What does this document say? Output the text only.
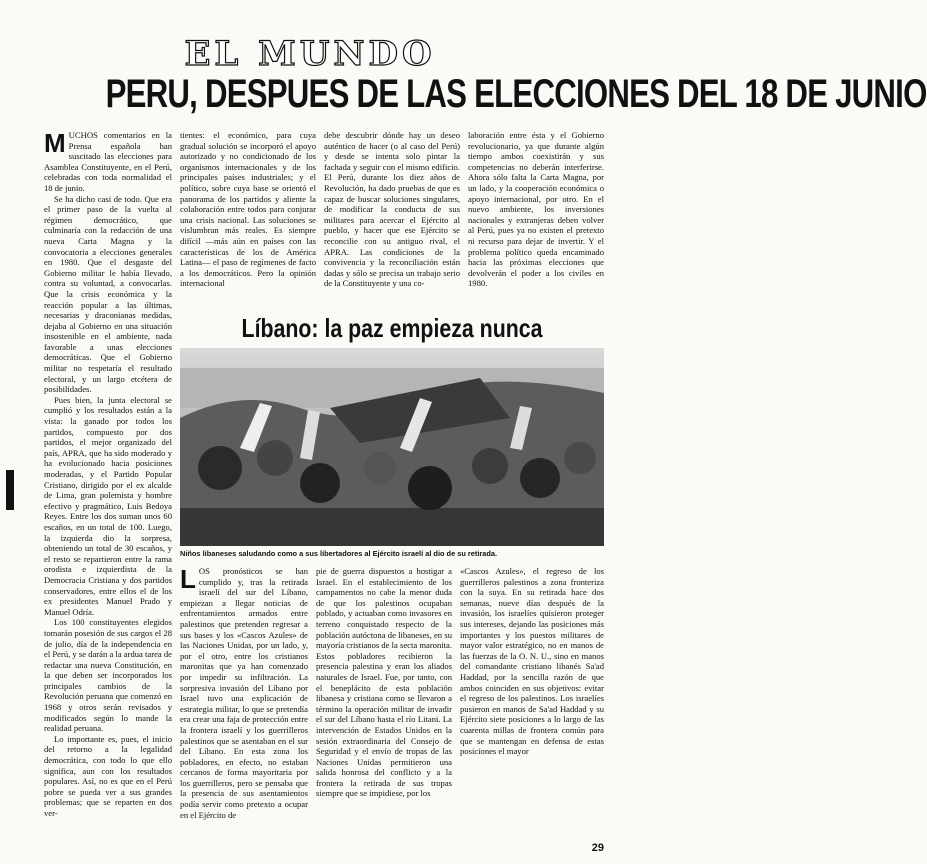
EL MUNDO
PERU, DESPUES DE LAS ELECCIONES DEL 18 DE JUNIO
M UCHOS comentarios en la Prensa española han suscitado las elecciones para Asamblea Constituyente, en el Perú, celebradas con toda normalidad el 18 de junio.

Se ha dicho casi de todo. Que era el primer paso de la vuelta al régimen democrático, que culminaría con la redacción de una nueva Carta Magna y la convocatoria a elecciones generales en 1980. Que el desgaste del Gobierno militar le había llevado, contra su voluntad, a convocarlas. Que la crisis económica y la reacción popular a las últimas, necesarias y draconianas medidas, dejaba al Gobierno en una situación insostenible en el ambiente, nada favorable a unas elecciones democráticas. Que el Gobierno militar no respetaría el resultado electoral, y un largo etcétera de posibilidades.

Pues bien, la junta electoral se cumplió y los resultados están a la vista: la ganado por todos los partidos, compuesto por dos partidos, el mejor organizado del país, APRA, que ha sido moderado y ha evolucionado hacia posiciones moderadas, y el Partido Popular Cristiano, dirigido por el ex alcalde de Lima, gran polemista y hombre efectivo y pragmático, Luis Bedoya Reyes. Entre los dos suman unos 60 escaños, en un total de 100. Luego, la izquierda dio la sorpresa, obteniendo un total de 30 escaños, y el resto se repartieron entre la rama orodista e izquierdista de la Democracia Cristiana y dos partidos conservadores, entre ellos el de los ex presidentes Manuel Prado y Manuel Odría.

Los 100 constituyentes elegidos tomarán posesión de sus cargos el 28 de julio, día de la independencia en el Perú, y se darán a la ardua tarea de redactar una nueva Constitución, en la que deben ser incorporados los principales cambios de la Revolución peruana que comenzó en 1968 y otros serán revisados y modificados según lo mande la realidad peruana.

Lo importante es, pues, el inicio del retorno a la legalidad democrática, con todo lo que ello significa, aun con los resultados populares. Así, no es que en el Perú pobre se pueda ver a sus grandes problemas; que se reparten en dos ver-

tientes: el económico, para cuya gradual solución se incorporó el apoyo autorizado y no condicionado de los organismos internacionales y de los principales países industriales; y el político, sobre cuya base se orientó el panorama de los partidos y aliente la colaboración entre todos para conjurar una crisis nacional. Las soluciones se vislumbran más reales. Es siempre difícil —más aún en países con las características de los de América Latina— el paso de regímenes de facto a los democráticos. Pero la opinión internacional
debe descubrir dónde hay un deseo auténtico de hacer (o al caso del Perú) y desde se intenta solo pintar la fachada y seguir con el mismo edificio. El Perú, durante los diez años de Revolución, ha dado pruebas de que es capaz de buscar soluciones singulares, de modificar la conducta de sus militares para acercar el Ejército al pueblo, y hacer que ese Ejército se reconcilie con su antiguo rival, el APRA. Las condiciones de la convivencia y la reconciliación están dadas y sólo se precisa un trabajo serio de la Constituyente y una co-
laboración entre ésta y el Gobierno revolucionario, ya que durante algún tiempo ambos coexistirán y sus competencias no deberán interferirse. Ahora sólo falta la Carta Magna, por un lado, y la cooperación económica o apoyo internacional, por otro. En el nuevo ambiente, los inversiones nacionales y extranjeras deben volver al Perú, pues ya no existen el pretexto ni recurso para dejar de invertir. Y el problema político queda encaminado hacia las próximas elecciones que devolverán el poder a los civiles en 1980.
Líbano: la paz empieza nunca
Niños libaneses saludando como a sus libertadores al Ejército israelí al dio de su retirada.
L OS pronósticos se han cumplido y, tras la retirada israelí del sur del Líbano, empiezan a llegar noticias de enfrentamientos armados entre palestinos que pretenden regresar a sus bases y los «Cascos Azules» de las Naciones Unidas, por un lado, y, por el otro, entre los cristianos maronitas que ya han comenzado por impedir su infiltración. La sorpresiva invasión del Líbano por Israel tuvo una explicación de estrategia militar, lo que se pretendía era crear una faja de protección entre la frontera israelí y los guerrilleros palestinos que se asentaban en el sur del Líbano. En esta zona los pobladores, en efecto, no estaban cercanos de forma mayoritaria por los guerrilleros, pero se pensaba que la presencia de sus asentamientos podía servir como pretexto a ocupar en el Ejército de
pie de guerra dispuestos a hostigar a Israel. En el establecimiento de los campamentos no cabe la menor duda de que los palestinos ocupaban poblado, y actuaban como invasores en terreno conquistado respecto de la población autóctona de libaneses, en su mayoría cristianos de la secta maronita. Estos pobladores recibieron la presencia palestina y eran los aliados naturales de Israel. Fue, por tanto, con el beneplácito de esta población libanesa y cristiana como se llevaron a término la operación militar de invadir el sur del Líbano hasta el río Litani. La intervención de Estados Unidos en la sesión extraordinaria del Consejo de Seguridad y el envío de tropas de las Naciones Unidas permitieron una salida honrosa del conflicto y a la frontera la retirada de sus tropas siempre que se impidiese, por los
«Cascos Azules», el regreso de los guerrilleros palestinos a zona fronteriza con la suya. En su retirada hace dos semanas, nueve días después de la invasión, los israelíes quisieron proteger sus intereses, dejando las posiciones más importantes y los puestos militares de mayor valor estratégico, no en manos de las fuerzas de la O. N. U., sino en manos del comandante cristiano libanés Sa'ad Haddad, por la sencilla razón de que ambos coinciden en sus objetivos: evitar el regreso de los palestinos. Los israelíes pusieron en manos de Sa'ad Haddad y su Ejército siete posiciones a lo largo de las cuarenta millas de frontera común para que se mantengan en defensa de estas posiciones el mayor
29
